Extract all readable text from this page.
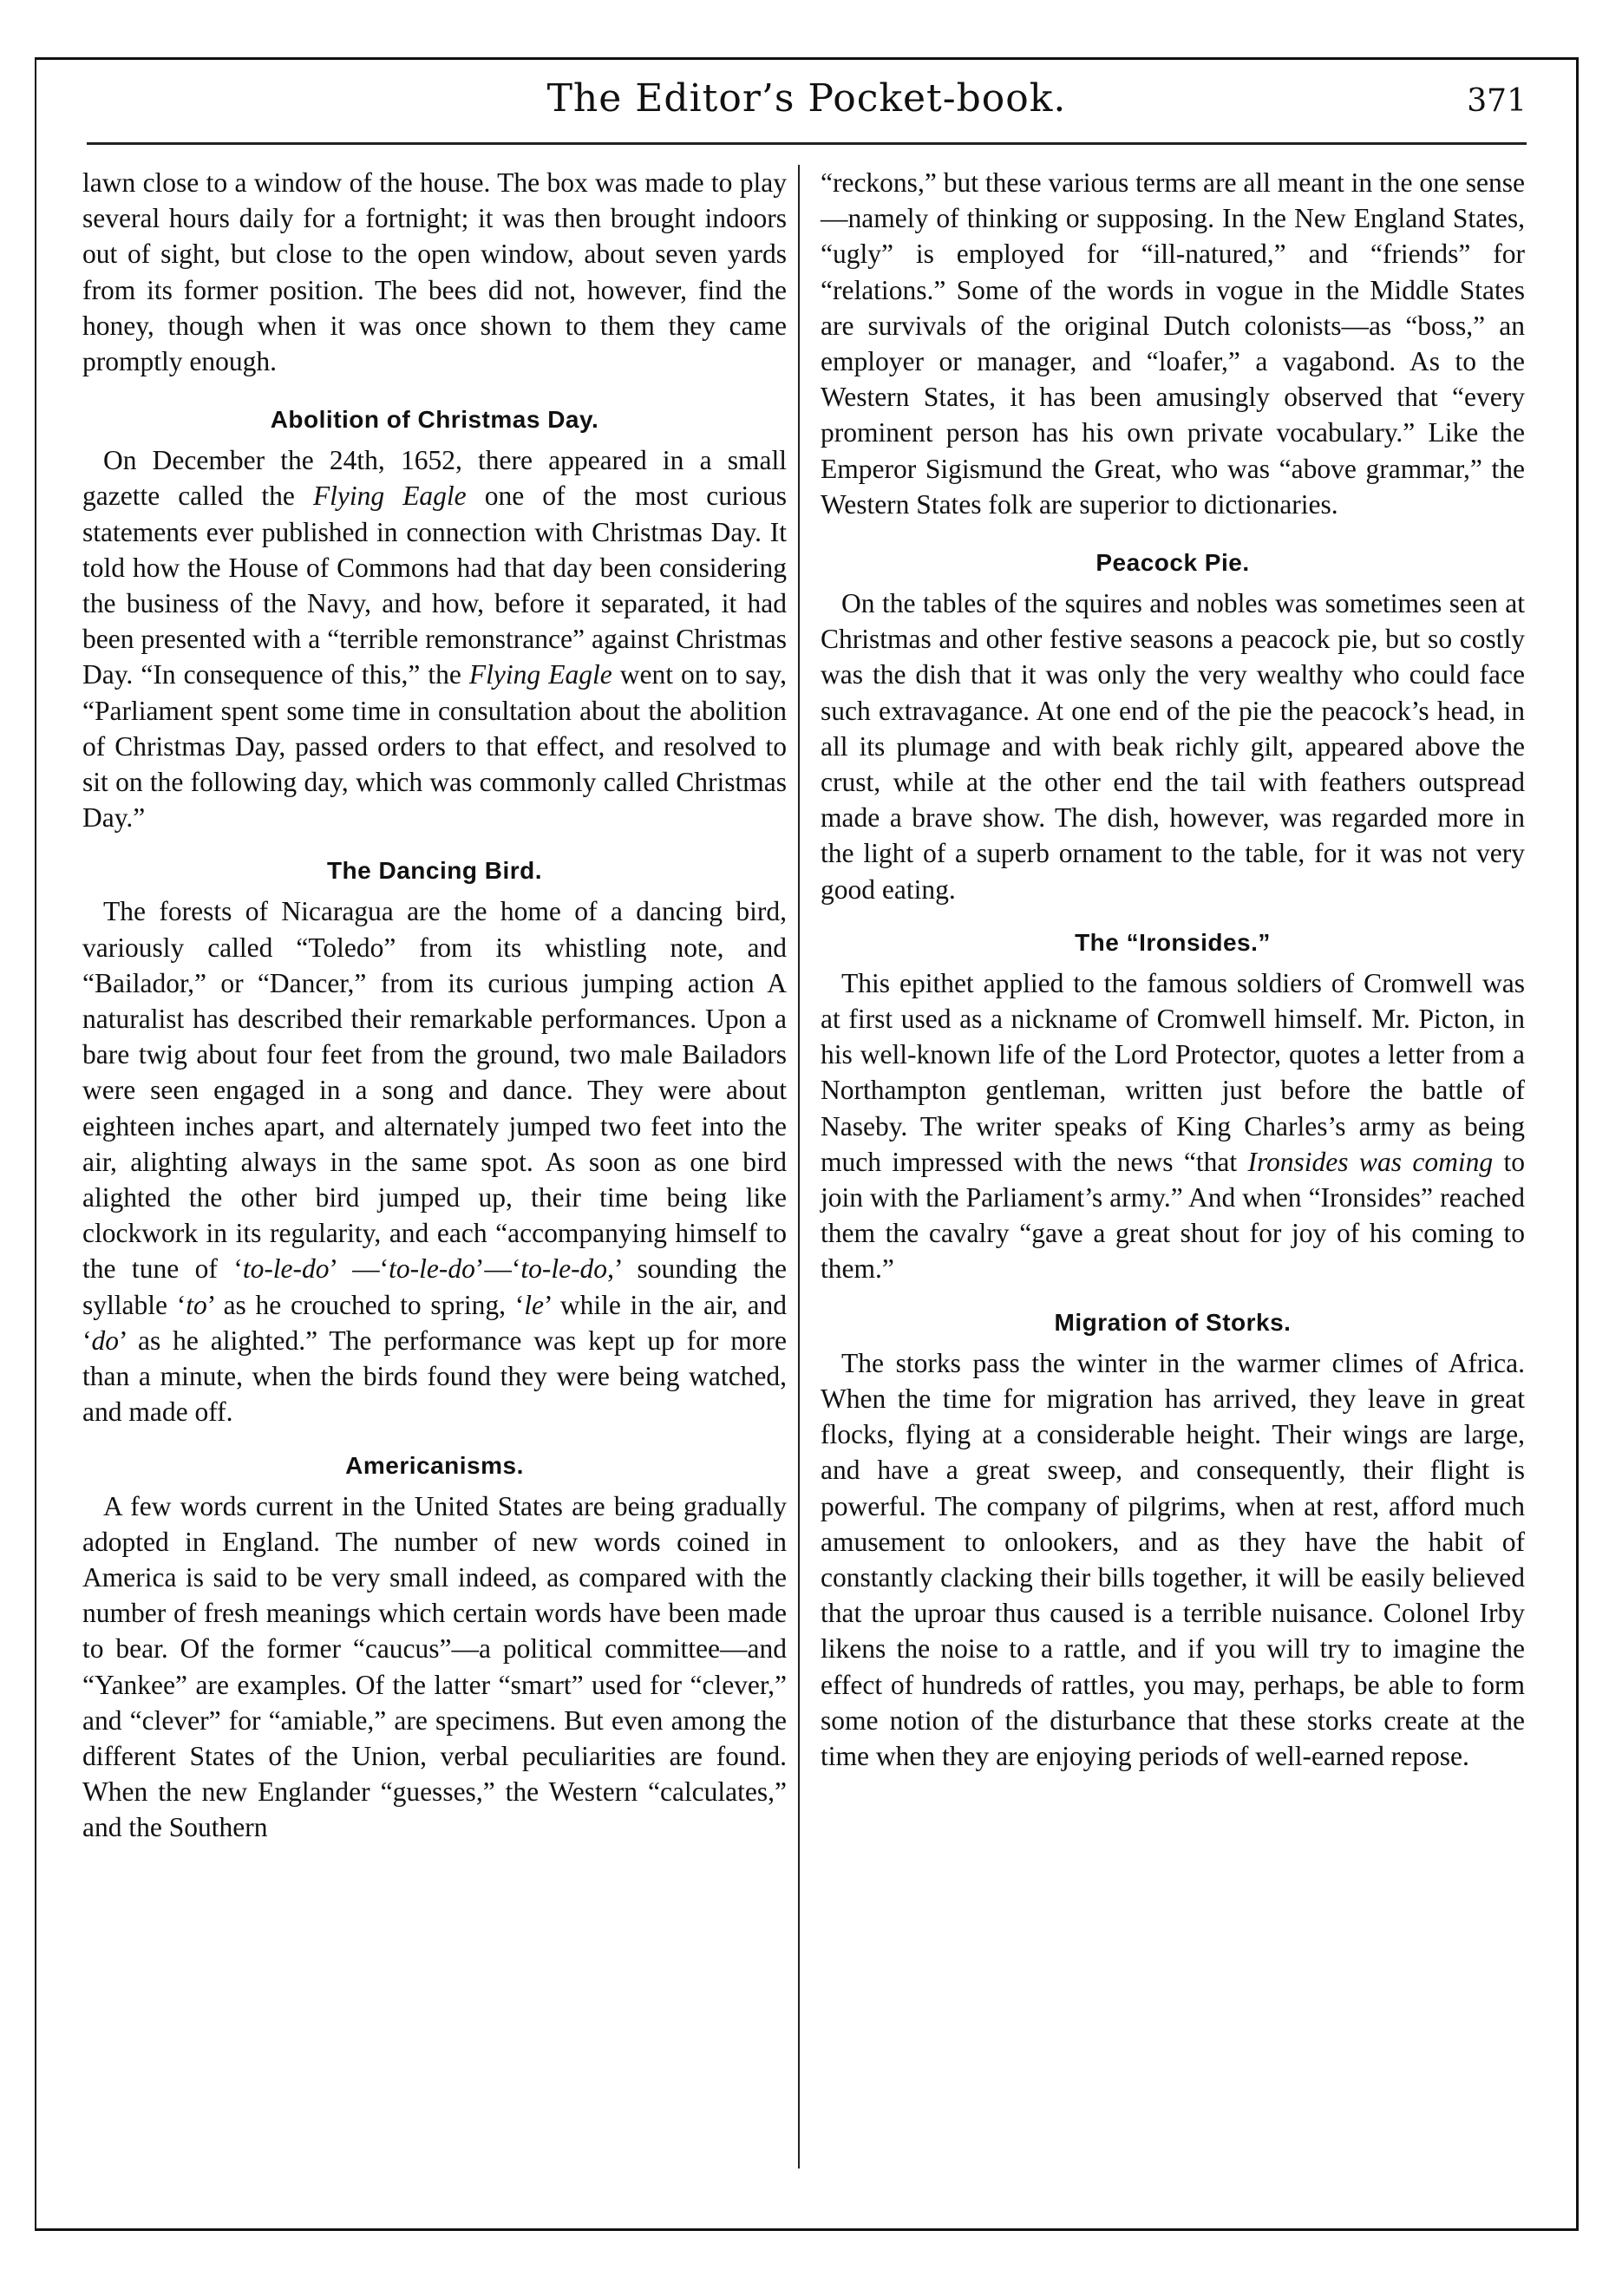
The Editor’s Pocket-book.	371

lawn close to a window of the house. The box was made to play several hours daily for a fortnight; it was then brought indoors out of sight, but close to the open window, about seven yards from its former position. The bees did not, however, find the honey, though when it was once shown to them they came promptly enough.

Abolition of Christmas Day.

On December the 24th, 1652, there appeared in a small gazette called the Flying Eagle one of the most curious statements ever published in connection with Christmas Day. It told how the House of Commons had that day been considering the business of the Navy, and how, before it separated, it had been presented with a “terrible remonstrance” against Christmas Day. “In consequence of this,” the Flying Eagle went on to say, “Parliament spent some time in consultation about the abolition of Christmas Day, passed orders to that effect, and resolved to sit on the following day, which was commonly called Christmas Day.”

The Dancing Bird.

The forests of Nicaragua are the home of a dancing bird, variously called “Toledo” from its whistling note, and “Bailador,” or “Dancer,” from its curious jumping action A naturalist has described their remarkable performances. Upon a bare twig about four feet from the ground, two male Bailadors were seen engaged in a song and dance. They were about eighteen inches apart, and alternately jumped two feet into the air, alighting always in the same spot. As soon as one bird alighted the other bird jumped up, their time being like clockwork in its regularity, and each “accompanying himself to the tune of ‘to-le-do’ —‘to-le-do’—‘to-le-do,’ sounding the syllable ‘to’ as he crouched to spring, ‘le’ while in the air, and ‘do’ as he alighted.” The performance was kept up for more than a minute, when the birds found they were being watched, and made off.

Americanisms.

A few words current in the United States are being gradually adopted in England. The number of new words coined in America is said to be very small indeed, as compared with the number of fresh meanings which certain words have been made to bear. Of the former “caucus”—a political committee—and “Yankee” are examples. Of the latter “smart” used for “clever,” and “clever” for “amiable,” are specimens. But even among the different States of the Union, verbal peculiarities are found. When the new Englander “guesses,” the Western “calculates,” and the Southern

“reckons,” but these various terms are all meant in the one sense—namely of thinking or supposing. In the New England States, “ugly” is employed for “ill-natured,” and “friends” for “relations.” Some of the words in vogue in the Middle States are survivals of the original Dutch colonists—as “boss,” an employer or manager, and “loafer,” a vagabond. As to the Western States, it has been amusingly observed that “every prominent person has his own private vocabulary.” Like the Emperor Sigismund the Great, who was “above grammar,” the Western States folk are superior to dictionaries.

Peacock Pie.

On the tables of the squires and nobles was sometimes seen at Christmas and other festive seasons a peacock pie, but so costly was the dish that it was only the very wealthy who could face such extravagance. At one end of the pie the peacock’s head, in all its plumage and with beak richly gilt, appeared above the crust, while at the other end the tail with feathers outspread made a brave show. The dish, however, was regarded more in the light of a superb ornament to the table, for it was not very good eating.

The “Ironsides.”

This epithet applied to the famous soldiers of Cromwell was at first used as a nickname of Cromwell himself. Mr. Picton, in his well-known life of the Lord Protector, quotes a letter from a Northampton gentleman, written just before the battle of Naseby. The writer speaks of King Charles’s army as being much impressed with the news “that Ironsides was coming to join with the Parliament’s army.” And when “Ironsides” reached them the cavalry “gave a great shout for joy of his coming to them.”

Migration of Storks.

The storks pass the winter in the warmer climes of Africa. When the time for migration has arrived, they leave in great flocks, flying at a considerable height. Their wings are large, and have a great sweep, and consequently, their flight is powerful. The company of pilgrims, when at rest, afford much amusement to onlookers, and as they have the habit of constantly clacking their bills together, it will be easily believed that the uproar thus caused is a terrible nuisance. Colonel Irby likens the noise to a rattle, and if you will try to imagine the effect of hundreds of rattles, you may, perhaps, be able to form some notion of the disturbance that these storks create at the time when they are enjoying periods of well-earned repose.
